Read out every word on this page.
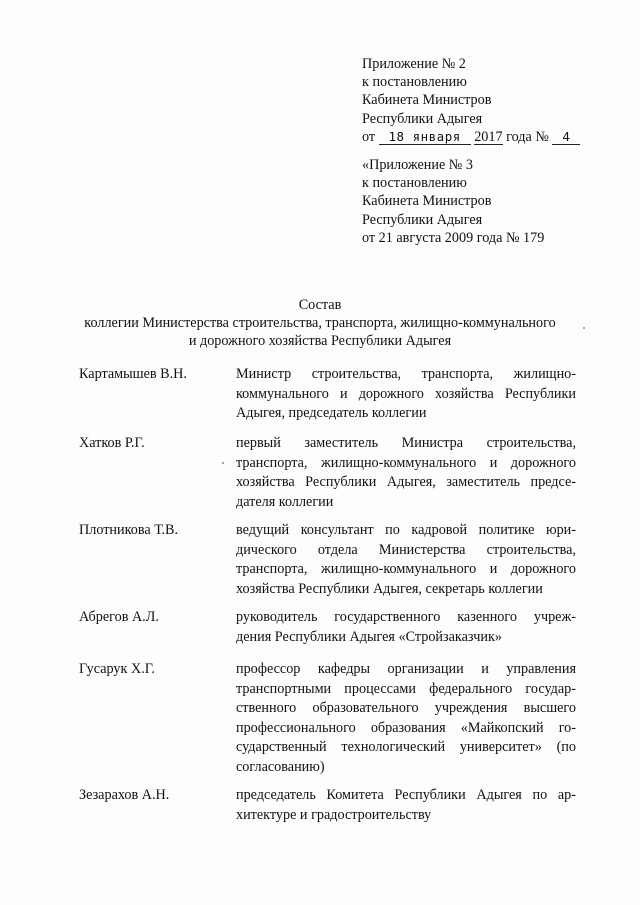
Приложение № 2
к постановлению
Кабинета Министров
Республики Адыгея
от 18 января 2017 года № 4
«Приложение № 3
к постановлению
Кабинета Министров
Республики Адыгея
от 21 августа 2009 года № 179
Состав
коллегии Министерства строительства, транспорта, жилищно-коммунального
и дорожного хозяйства Республики Адыгея
Картамышев В.Н.	Министр строительства, транспорта, жилищно-
коммунального и дорожного хозяйства Республики
Адыгея, председатель коллегии
Хатков Р.Г.	первый заместитель Министра строительства,
транспорта, жилищно-коммунального и дорожного
хозяйства Республики Адыгея, заместитель предсе-
дателя коллегии
Плотникова Т.В.	ведущий консультант по кадровой политике юри-
дического отдела Министерства строительства,
транспорта, жилищно-коммунального и дорожного
хозяйства Республики Адыгея, секретарь коллегии
Абрегов А.Л.	руководитель государственного казенного учреж-
дения Республики Адыгея «Стройзаказчик»
Гусарук Х.Г.	профессор кафедры организации и управления
транспортными процессами федерального государ-
ственного образовательного учреждения высшего
профессионального образования «Майкопский го-
сударственный технологический университет» (по
согласованию)
Зезарахов А.Н.	председатель Комитета Республики Адыгея по ар-
хитектуре и градостроительству
